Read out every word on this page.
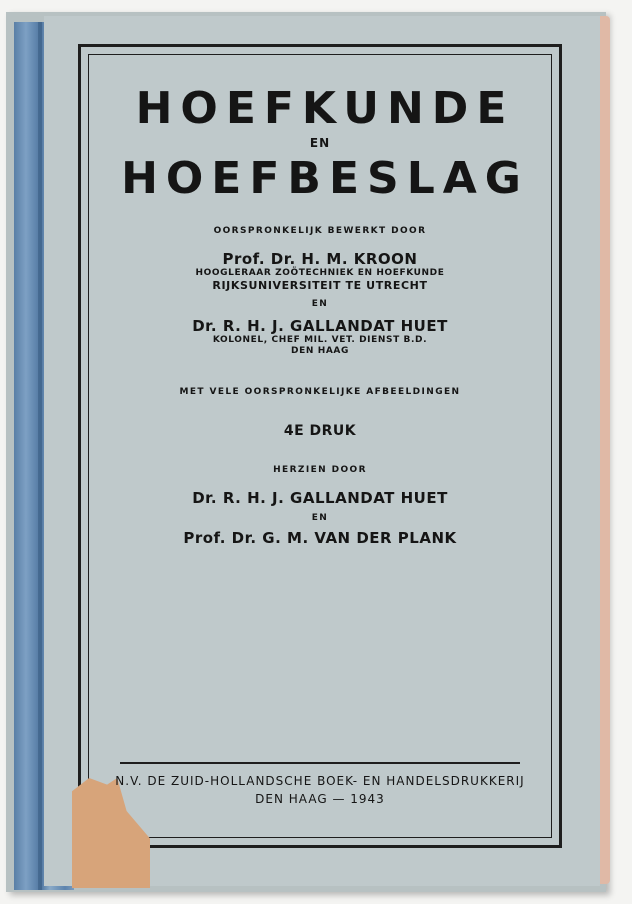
HOEFKUNDE
EN
HOEFBESLAG
OORSPRONKELIJK BEWERKT DOOR
Prof. Dr. H. M. KROON
HOOGLERAAR ZOÖTECHNIEK EN HOEFKUNDE
RIJKSUNIVERSITEIT TE UTRECHT
EN
Dr. R. H. J. GALLANDAT HUET
KOLONEL, CHEF MIL. VET. DIENST B.D.
DEN HAAG
MET VELE OORSPRONKELIJKE AFBEELDINGEN
4E DRUK
HERZIEN DOOR
Dr. R. H. J. GALLANDAT HUET
EN
Prof. Dr. G. M. VAN DER PLANK
N.V. DE ZUID-HOLLANDSCHE BOEK- EN HANDELSDRUKKERIJ
DEN HAAG — 1943
